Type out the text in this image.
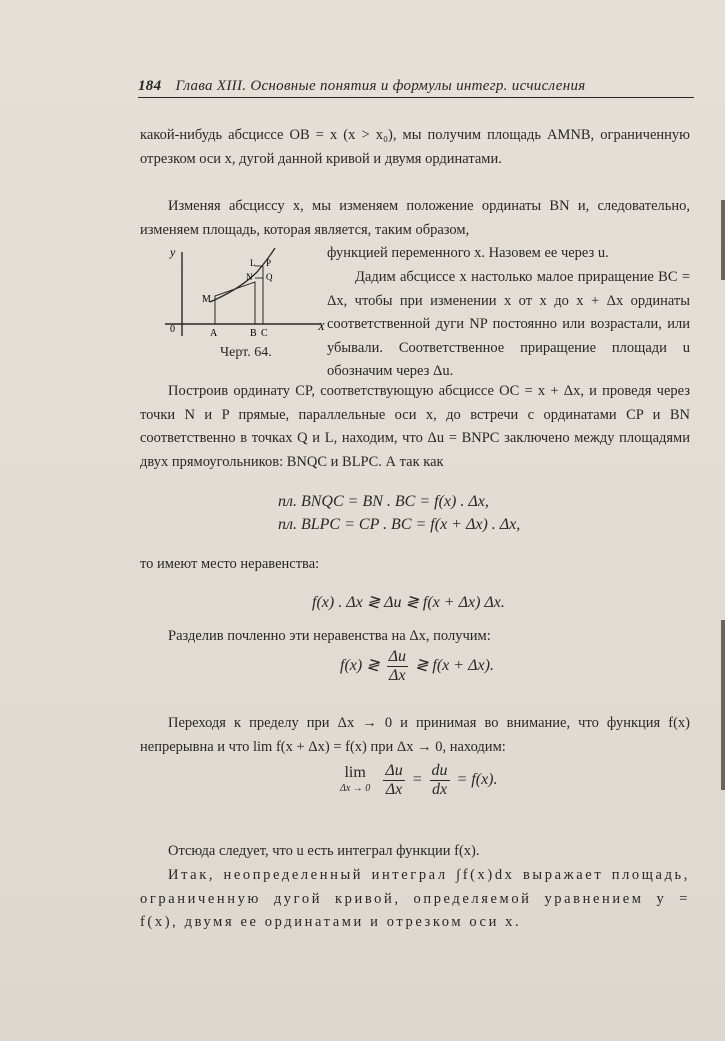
184 Глава XIII. Основные понятия и формулы интегр. исчисления
какой-нибудь абсциссе OB = x (x > x₀), мы получим площадь AMNB, ограниченную отрезком оси x, дугой данной кривой и двумя ординатами.
Изменяя абсциссу x, мы изменяем положение ординаты BN и, следовательно, изменяем площадь, которая является, таким образом,
функцией переменного x. Назовем ее через u.
Дадим абсциссе x настолько малое приращение BC = Δx, чтобы при изменении x от x до x + Δx ординаты соответственной дуги NP постоянно или возрастали, или убывали. Соответственное приращение площади u обозначим через Δu.
Построив ординату CP, соответствующую абсциссе OC = x + Δx, и проведя через точки N и P прямые, параллельные оси x, до встречи с ординатами CP и BN соответственно в точках Q и L, находим, что Δu = BNPC заключено между площадями двух прямоугольников: BNQC и BLPC. А так как
то имеют место неравенства:
Разделив почленно эти неравенства на Δx, получим:
Переходя к пределу при Δx → 0 и принимая во внимание, что функция f(x) непрерывна и что lim f(x + Δx) = f(x) при Δx → 0, находим:
Отсюда следует, что u есть интеграл функции f(x).
Итак, неопределенный интеграл ∫f(x)dx выражает площадь, ограниченную дугой кривой, определяемой уравнением y = f(x), двумя ее ординатами и отрезком оси x.
пл. BNQC = BN . BC = f(x) . Δx,
пл. BLPC = CP . BC = f(x + Δx) . Δx,
f(x) . Δx ≷ Δu ≷ f(x + Δx) Δx.
f(x) ≷ $\frac{\Delta u}{\Delta x}$ ≷ f(x + Δx).
lim
Δx → 0
$\frac{\Delta u}{\Delta x} = \frac{du}{dx} = f(x)$.
y
X
0	A	B C
M
N
P
Q
L
Черт. 64.
